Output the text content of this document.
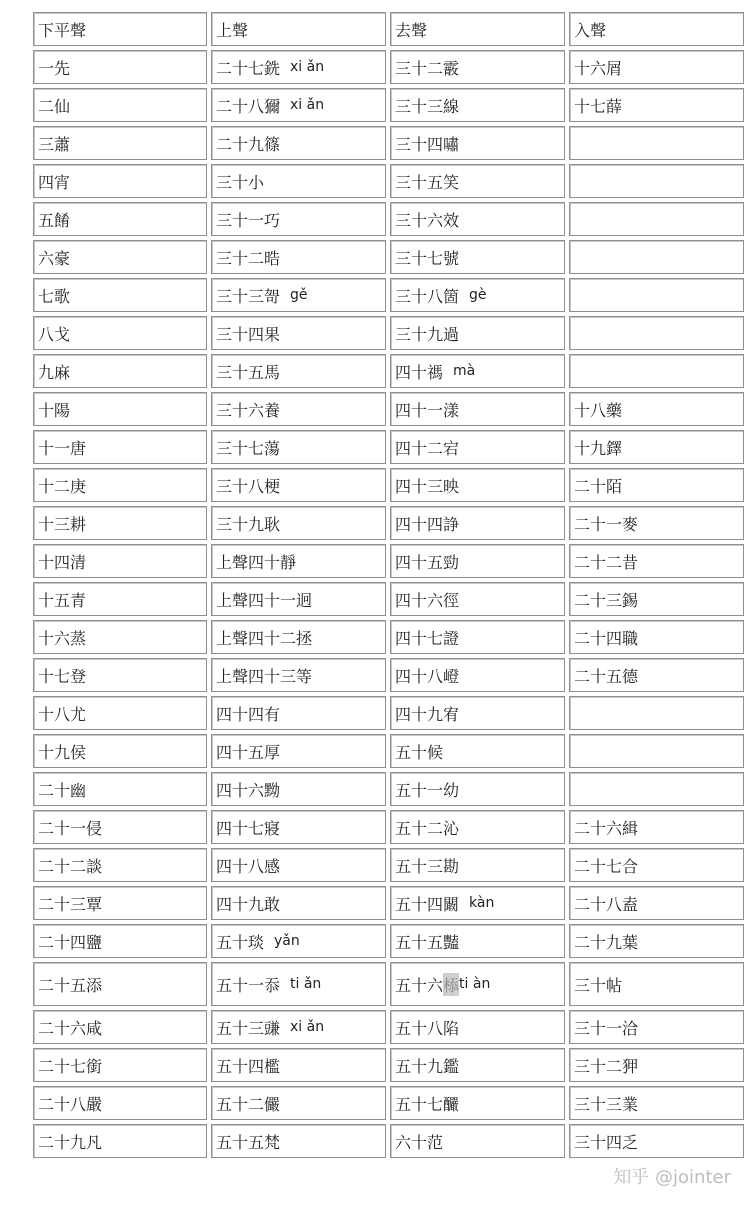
下平聲	上聲	去聲	入聲
一先	二十七銑 xi ǎn	三十二霰	十六屑
二仙	二十八獮 xi ǎn	三十三線	十七薛
三蕭	二十九篠	三十四嘯
四宵	三十小	三十五笑
五餚	三十一巧	三十六效
六豪	三十二晧	三十七號
七歌	三十三哿 gě	三十八箇 gè
八戈	三十四果	三十九過
九麻	三十五馬	四十禡 mà
十陽	三十六養	四十一漾	十八藥
十一唐	三十七蕩	四十二宕	十九鐸
十二庚	三十八梗	四十三映	二十陌
十三耕	三十九耿	四十四諍	二十一麥
十四清	上聲四十靜	四十五勁	二十二昔
十五青	上聲四十一迥	四十六徑	二十三錫
十六蒸	上聲四十二拯	四十七證	二十四職
十七登	上聲四十三等	四十八嶝	二十五德
十八尤	四十四有	四十九宥
十九侯	四十五厚	五十候
二十幽	四十六黝	五十一幼
二十一侵	四十七寢	五十二沁	二十六緝
二十二談	四十八感	五十三勘	二十七合
二十三覃	四十九敢	五十四闞 kàn	二十八盍
二十四鹽	五十琰 yǎn	五十五豔	二十九葉
二十五添	五十一忝 ti ǎn	五十六 㮇 ti àn	三十帖
二十六咸	五十三豏 xi ǎn	五十八陷	三十一洽
二十七銜	五十四檻	五十九鑑	三十二狎
二十八嚴	五十二儼	五十七釅	三十三業
二十九凡	五十五梵	六十范	三十四乏
知乎 @jointer
